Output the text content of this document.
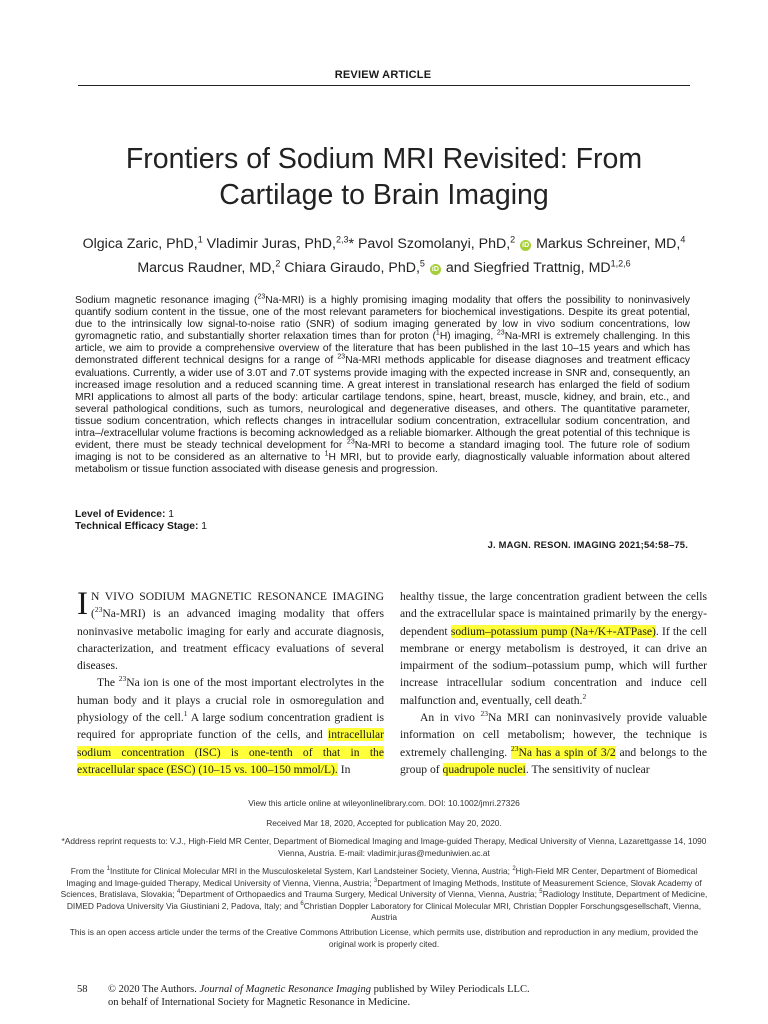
REVIEW ARTICLE
Frontiers of Sodium MRI Revisited: From
Cartilage to Brain Imaging
Olgica Zaric, PhD,$^1$ Vladimir Juras, PhD,$^{2,3}$* Pavol Szomolanyi, PhD,$^2$ iD Markus Schreiner, MD,$^4$
Marcus Raudner, MD,$^2$ Chiara Giraudo, PhD,$^5$ iD and Siegfried Trattnig, MD$^{1,2,6}$
Sodium magnetic resonance imaging ($^{23}$Na-MRI) is a highly promising imaging modality that offers the possibility to noninvasively quantify sodium content in the tissue, one of the most relevant parameters for biochemical investigations. Despite its great potential, due to the intrinsically low signal-to-noise ratio (SNR) of sodium imaging generated by low in vivo sodium concentrations, low gyromagnetic ratio, and substantially shorter relaxation times than for proton ($^1$H) imaging, $^{23}$Na-MRI is extremely challenging. In this article, we aim to provide a comprehensive overview of the literature that has been published in the last 10–15 years and which has demonstrated different technical designs for a range of $^{23}$Na-MRI methods applicable for disease diagnoses and treatment efficacy evaluations. Currently, a wider use of 3.0T and 7.0T systems provide imaging with the expected increase in SNR and, consequently, an increased image resolution and a reduced scanning time. A great interest in translational research has enlarged the field of sodium MRI applications to almost all parts of the body: articular cartilage tendons, spine, heart, breast, muscle, kidney, and brain, etc., and several pathological conditions, such as tumors, neurological and degenerative diseases, and others. The quantitative parameter, tissue sodium concentration, which reflects changes in intracellular sodium concentration, extracellular sodium concentration, and intra–/extracellular volume fractions is becoming acknowledged as a reliable biomarker. Although the great potential of this technique is evident, there must be steady technical development for $^{23}$Na-MRI to become a standard imaging tool. The future role of sodium imaging is not to be considered as an alternative to $^1$H MRI, but to provide early, diagnostically valuable information about altered metabolism or tissue function associated with disease genesis and progression.
Level of Evidence: 1
Technical Efficacy Stage: 1
J. MAGN. RESON. IMAGING 2021;54:58–75.

I N VIVO SODIUM MAGNETIC RESONANCE IMAGING ($^{23}$Na-MRI) is an advanced imaging modality that offers noninvasive metabolic imaging for early and accurate diagnosis, characterization, and treatment efficacy evaluations of several diseases.

The $^{23}$Na ion is one of the most important electrolytes in the human body and it plays a crucial role in osmoregulation and physiology of the cell.$^1$ A large sodium concentration gradient is required for appropriate function of the cells, and intracellular sodium concentration (ISC) is one-tenth of that in the extracellular space (ESC) (10–15 vs. 100–150 mmol/L). In

healthy tissue, the large concentration gradient between the cells and the extracellular space is maintained primarily by the energy-dependent sodium–potassium pump (Na+/K+-ATPase). If the cell membrane or energy metabolism is destroyed, it can drive an impairment of the sodium–potassium pump, which will further increase intracellular sodium concentration and induce cell malfunction and, eventually, cell death.$^2$

An in vivo $^{23}$Na MRI can noninvasively provide valuable information on cell metabolism; however, the technique is extremely challenging. $^{23}$Na has a spin of 3/2 and belongs to the group of quadrupole nuclei. The sensitivity of nuclear

View this article online at wileyonlinelibrary.com. DOI: 10.1002/jmri.27326
Received Mar 18, 2020, Accepted for publication May 20, 2020.
*Address reprint requests to: V.J., High-Field MR Center, Department of Biomedical Imaging and Image-guided Therapy, Medical University of Vienna, Lazarettgasse 14, 1090 Vienna, Austria. E-mail: vladimir.juras@meduniwien.ac.at
From the $^1$Institute for Clinical Molecular MRI in the Musculoskeletal System, Karl Landsteiner Society, Vienna, Austria; $^2$High-Field MR Center, Department of Biomedical Imaging and Image-guided Therapy, Medical University of Vienna, Vienna, Austria; $^3$Department of Imaging Methods, Institute of Measurement Science, Slovak Academy of Sciences, Bratislava, Slovakia; $^4$Department of Orthopaedics and Trauma Surgery, Medical University of Vienna, Vienna, Austria; $^5$Radiology Institute, Department of Medicine, DIMED Padova University Via Giustiniani 2, Padova, Italy; and $^6$Christian Doppler Laboratory for Clinical Molecular MRI, Christian Doppler Forschungsgesellschaft, Vienna, Austria
This is an open access article under the terms of the Creative Commons Attribution License, which permits use, distribution and reproduction in any medium, provided the original work is properly cited.
58 © 2020 The Authors. Journal of Magnetic Resonance Imaging published by Wiley Periodicals LLC.
on behalf of International Society for Magnetic Resonance in Medicine.
